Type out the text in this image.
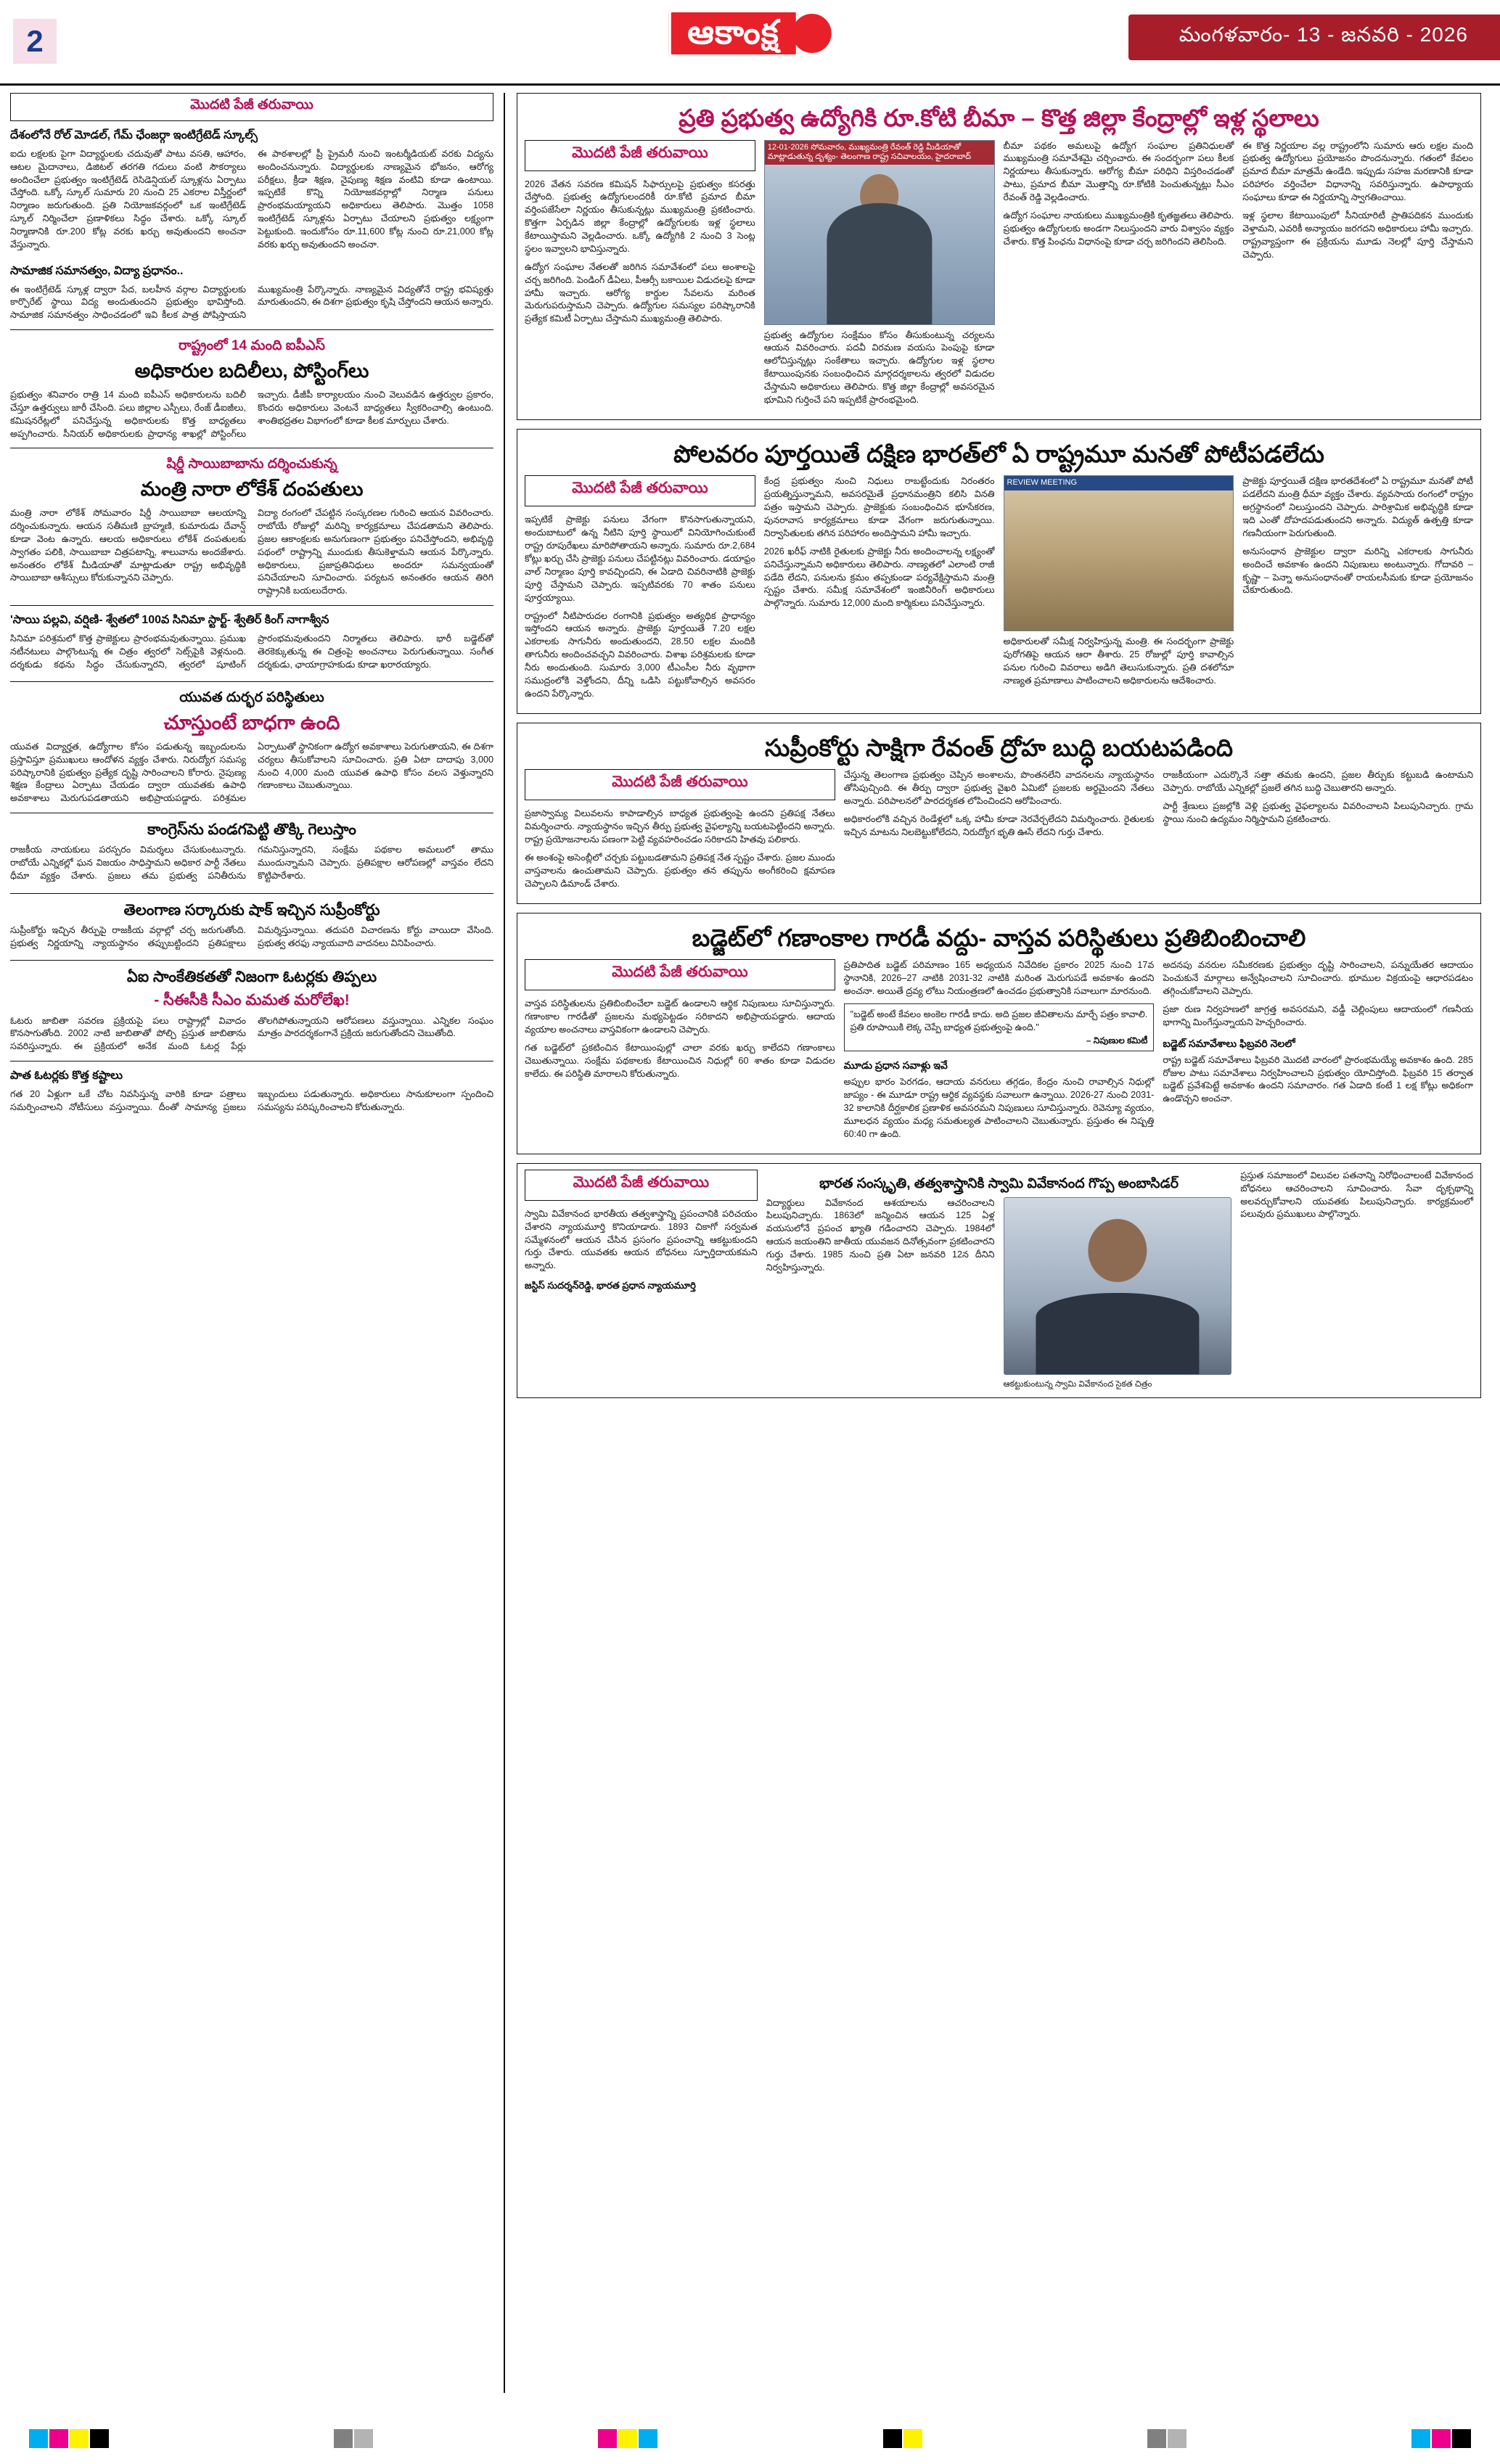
2	ఆకాంక్ష	మంగళవారం- 13 - జనవరి - 2026
మొదటి పేజీ తరువాయి
దేశంలోనే రోల్ మోడల్, గేమ్ ఛేంజర్గా ఇంటిగ్రేటెడ్ స్కూల్స్

ఐదు లక్షలకు పైగా విద్యార్థులకు చదువుతో పాటు వసతి, ఆహారం, ఆటల మైదానాలు, డిజిటల్ తరగతి గదులు వంటి సౌకర్యాలు అందించేలా ప్రభుత్వం ఇంటిగ్రేటెడ్ రెసిడెన్షియల్ స్కూళ్లను ఏర్పాటు చేస్తోంది. ఒక్కో స్కూల్ సుమారు 20 నుంచి 25 ఎకరాల విస్తీర్ణంలో నిర్మాణం జరుగుతుంది. ప్రతి నియోజకవర్గంలో ఒక ఇంటిగ్రేటెడ్ స్కూల్ నిర్మించేలా ప్రణాళికలు సిద్ధం చేశారు. ఒక్కో స్కూల్ నిర్మాణానికి రూ.200 కోట్ల వరకు ఖర్చు అవుతుందని అంచనా వేస్తున్నారు.

ఈ పాఠశాలల్లో ప్రీ ప్రైమరీ నుంచి ఇంటర్మీడియట్ వరకు విద్యను అందించనున్నారు. విద్యార్థులకు నాణ్యమైన భోజనం, ఆరోగ్య పరీక్షలు, క్రీడా శిక్షణ, నైపుణ్య శిక్షణ వంటివి కూడా ఉంటాయి. ఇప్పటికే కొన్ని నియోజకవర్గాల్లో నిర్మాణ పనులు ప్రారంభమయ్యాయని అధికారులు తెలిపారు. మొత్తం 1058 ఇంటిగ్రేటెడ్ స్కూళ్లను ఏర్పాటు చేయాలని ప్రభుత్వం లక్ష్యంగా పెట్టుకుంది. ఇందుకోసం రూ.11,600 కోట్ల నుంచి రూ.21,000 కోట్ల వరకు ఖర్చు అవుతుందని అంచనా.

సామాజిక సమానత్వం, విద్యా ప్రధానం..

ఈ ఇంటిగ్రేటెడ్ స్కూళ్ల ద్వారా పేద, బలహీన వర్గాల విద్యార్థులకు కార్పొరేట్ స్థాయి విద్య అందుతుందని ప్రభుత్వం భావిస్తోంది. సామాజిక సమానత్వం సాధించడంలో ఇవి కీలక పాత్ర పోషిస్తాయని ముఖ్యమంత్రి పేర్కొన్నారు. నాణ్యమైన విద్యతోనే రాష్ట్ర భవిష్యత్తు మారుతుందని, ఈ దిశగా ప్రభుత్వం కృషి చేస్తోందని ఆయన అన్నారు.

రాష్ట్రంలో 14 మంది ఐపీఎస్
అధికారుల బదిలీలు, పోస్టింగ్‌లు

ప్రభుత్వం శనివారం రాత్రి 14 మంది ఐపీఎస్ అధికారులను బదిలీ చేస్తూ ఉత్తర్వులు జారీ చేసింది. పలు జిల్లాల ఎస్పీలు, రేంజ్ డీఐజీలు, కమిషనరేట్లలో పనిచేస్తున్న అధికారులకు కొత్త బాధ్యతలు అప్పగించారు. సీనియర్ అధికారులకు ప్రాధాన్య శాఖల్లో పోస్టింగ్‌లు ఇచ్చారు. డీజీపీ కార్యాలయం నుంచి వెలువడిన ఉత్తర్వుల ప్రకారం, కొందరు అధికారులు వెంటనే బాధ్యతలు స్వీకరించాల్సి ఉంటుంది. శాంతిభద్రతల విభాగంలో కూడా కీలక మార్పులు చేశారు.

షిర్డీ సాయిబాబాను దర్శించుకున్న
మంత్రి నారా లోకేశ్ దంపతులు

మంత్రి నారా లోకేశ్ సోమవారం షిర్డీ సాయిబాబా ఆలయాన్ని దర్శించుకున్నారు. ఆయన సతీమణి బ్రాహ్మణి, కుమారుడు దేవాన్ష్ కూడా వెంట ఉన్నారు. ఆలయ అధికారులు లోకేశ్ దంపతులకు స్వాగతం పలికి, సాయిబాబా చిత్రపటాన్ని, శాలువాను అందజేశారు. అనంతరం లోకేశ్ మీడియాతో మాట్లాడుతూ రాష్ట్ర అభివృద్ధికి సాయిబాబా ఆశీస్సులు కోరుకున్నానని చెప్పారు.

విద్యా రంగంలో చేపట్టిన సంస్కరణల గురించి ఆయన వివరించారు. రాబోయే రోజుల్లో మరిన్ని కార్యక్రమాలు చేపడతామని తెలిపారు. ప్రజల ఆకాంక్షలకు అనుగుణంగా ప్రభుత్వం పనిచేస్తోందని, అభివృద్ధి పథంలో రాష్ట్రాన్ని ముందుకు తీసుకెళ్తామని ఆయన పేర్కొన్నారు. అధికారులు, ప్రజాప్రతినిధులు అందరూ సమన్వయంతో పనిచేయాలని సూచించారు. పర్యటన అనంతరం ఆయన తిరిగి రాష్ట్రానికి బయలుదేరారు.

'సాయి పల్లవి, వర్షిణి- శ్వేతలో 100వ సినిమా స్టార్ట్- శ్వేతిర్ కింగ్ నాగాశ్వీన

సినిమా పరిశ్రమలో కొత్త ప్రాజెక్టులు ప్రారంభమవుతున్నాయి. ప్రముఖ నటీనటులు పాల్గొంటున్న ఈ చిత్రం త్వరలో సెట్స్‌పైకి వెళ్లనుంది. దర్శకుడు కథను సిద్ధం చేసుకున్నారని, త్వరలో షూటింగ్ ప్రారంభమవుతుందని నిర్మాతలు తెలిపారు. భారీ బడ్జెట్‌తో తెరకెక్కుతున్న ఈ చిత్రంపై అంచనాలు పెరుగుతున్నాయి. సంగీత దర్శకుడు, ఛాయాగ్రాహకుడు కూడా ఖరారయ్యారు.

యువత దుర్భర పరిస్థితులు
చూస్తుంటే బాధగా ఉంది

యువత విద్యార్హత, ఉద్యోగాల కోసం పడుతున్న ఇబ్బందులను ప్రస్తావిస్తూ ప్రముఖులు ఆందోళన వ్యక్తం చేశారు. నిరుద్యోగ సమస్య పరిష్కారానికి ప్రభుత్వం ప్రత్యేక దృష్టి సారించాలని కోరారు. నైపుణ్య శిక్షణ కేంద్రాలు ఏర్పాటు చేయడం ద్వారా యువతకు ఉపాధి అవకాశాలు మెరుగుపడతాయని అభిప్రాయపడ్డారు. పరిశ్రమల ఏర్పాటుతో స్థానికంగా ఉద్యోగ అవకాశాలు పెరుగుతాయని, ఈ దిశగా చర్యలు తీసుకోవాలని సూచించారు. ప్రతి ఏటా దాదాపు 3,000 నుంచి 4,000 మంది యువత ఉపాధి కోసం వలస వెళ్తున్నారని గణాంకాలు చెబుతున్నాయి.

కాంగ్రెస్‌ను పండగపెట్టి తొక్కి గెలుస్తాం

రాజకీయ నాయకులు పరస్పరం విమర్శలు చేసుకుంటున్నారు. రాబోయే ఎన్నికల్లో ఘన విజయం సాధిస్తామని అధికార పార్టీ నేతలు ధీమా వ్యక్తం చేశారు. ప్రజలు తమ ప్రభుత్వ పనితీరును గమనిస్తున్నారని, సంక్షేమ పథకాల అమలులో తాము ముందున్నామని చెప్పారు. ప్రతిపక్షాల ఆరోపణల్లో వాస్తవం లేదని కొట్టిపారేశారు.

తెలంగాణ సర్కారుకు షాక్ ఇచ్చిన సుప్రీంకోర్టు

సుప్రీంకోర్టు ఇచ్చిన తీర్పుపై రాజకీయ వర్గాల్లో చర్చ జరుగుతోంది. ప్రభుత్వ నిర్ణయాన్ని న్యాయస్థానం తప్పుబట్టిందని ప్రతిపక్షాలు విమర్శిస్తున్నాయి. తదుపరి విచారణను కోర్టు వాయిదా వేసింది. ప్రభుత్వ తరఫు న్యాయవాది వాదనలు వినిపించారు.

ఏఐ సాంకేతికతతో నిజంగా ఓటర్లకు తిప్పలు
- సీఈసీకి సీఎం మమత మరోలేఖ!

ఓటరు జాబితా సవరణ ప్రక్రియపై పలు రాష్ట్రాల్లో వివాదం కొనసాగుతోంది. 2002 నాటి జాబితాతో పోల్చి ప్రస్తుత జాబితాను సవరిస్తున్నారు. ఈ ప్రక్రియలో అనేక మంది ఓటర్ల పేర్లు తొలగిపోతున్నాయని ఆరోపణలు వస్తున్నాయి. ఎన్నికల సంఘం మాత్రం పారదర్శకంగానే ప్రక్రియ జరుగుతోందని చెబుతోంది.

పాత ఓటర్లకు కొత్త కష్టాలు

గత 20 ఏళ్లుగా ఒకే చోట నివసిస్తున్న వారికి కూడా పత్రాలు సమర్పించాలని నోటీసులు వస్తున్నాయి. దీంతో సామాన్య ప్రజలు ఇబ్బందులు పడుతున్నారు. అధికారులు సానుకూలంగా స్పందించి సమస్యను పరిష్కరించాలని కోరుతున్నారు.

ప్రతి ప్రభుత్వ ఉద్యోగికి రూ.కోటి బీమా – కొత్త జిల్లా కేంద్రాల్లో ఇళ్ల స్థలాలు
మొదటి పేజీ తరువాయి

2026 వేతన సవరణ కమిషన్ సిఫార్సులపై ప్రభుత్వం కసరత్తు చేస్తోంది. ప్రభుత్వ ఉద్యోగులందరికీ రూ.కోటి ప్రమాద బీమా వర్తింపజేసేలా నిర్ణయం తీసుకున్నట్లు ముఖ్యమంత్రి ప్రకటించారు. కొత్తగా ఏర్పడిన జిల్లా కేంద్రాల్లో ఉద్యోగులకు ఇళ్ల స్థలాలు కేటాయిస్తామని వెల్లడించారు. ఒక్కో ఉద్యోగికి 2 నుంచి 3 సెంట్ల స్థలం ఇవ్వాలని భావిస్తున్నారు.

ఉద్యోగ సంఘాల నేతలతో జరిగిన సమావేశంలో పలు అంశాలపై చర్చ జరిగింది. పెండింగ్ డీఏలు, పీఆర్సీ బకాయిల విడుదలపై కూడా హామీ ఇచ్చారు. ఆరోగ్య కార్డుల సేవలను మరింత మెరుగుపరుస్తామని చెప్పారు. ఉద్యోగుల సమస్యల పరిష్కారానికి ప్రత్యేక కమిటీ ఏర్పాటు చేస్తామని ముఖ్యమంత్రి తెలిపారు.

12-01-2026 సోమవారం, ముఖ్యమంత్రి రేవంత్ రెడ్డి మీడియాతో మాట్లాడుతున్న దృశ్యం- తెలంగాణ రాష్ట్ర సచివాలయం, హైదరాబాద్

ప్రభుత్వ ఉద్యోగుల సంక్షేమం కోసం తీసుకుంటున్న చర్యలను ఆయన వివరించారు. పదవీ విరమణ వయసు పెంపుపై కూడా ఆలోచిస్తున్నట్లు సంకేతాలు ఇచ్చారు. ఉద్యోగుల ఇళ్ల స్థలాల కేటాయింపునకు సంబంధించిన మార్గదర్శకాలను త్వరలో విడుదల చేస్తామని అధికారులు తెలిపారు. కొత్త జిల్లా కేంద్రాల్లో అవసరమైన భూమిని గుర్తించే పని ఇప్పటికే ప్రారంభమైంది.

బీమా పథకం అమలుపై ఉద్యోగ సంఘాల ప్రతినిధులతో ముఖ్యమంత్రి సమావేశమై చర్చించారు. ఈ సందర్భంగా పలు కీలక నిర్ణయాలు తీసుకున్నారు. ఆరోగ్య బీమా పరిధిని విస్తరించడంతో పాటు, ప్రమాద బీమా మొత్తాన్ని రూ.కోటికి పెంచుతున్నట్లు సీఎం రేవంత్ రెడ్డి వెల్లడించారు.

ఉద్యోగ సంఘాల నాయకులు ముఖ్యమంత్రికి కృతజ్ఞతలు తెలిపారు. ప్రభుత్వం ఉద్యోగులకు అండగా నిలుస్తుందని వారు విశ్వాసం వ్యక్తం చేశారు. కొత్త పింఛను విధానంపై కూడా చర్చ జరిగిందని తెలిసింది.

ఈ కొత్త నిర్ణయాల వల్ల రాష్ట్రంలోని సుమారు ఆరు లక్షల మంది ప్రభుత్వ ఉద్యోగులు ప్రయోజనం పొందనున్నారు. గతంలో కేవలం ప్రమాద బీమా మాత్రమే ఉండేది. ఇప్పుడు సహజ మరణానికి కూడా పరిహారం వర్తించేలా విధానాన్ని సవరిస్తున్నారు. ఉపాధ్యాయ సంఘాలు కూడా ఈ నిర్ణయాన్ని స్వాగతించాయి.

ఇళ్ల స్థలాల కేటాయింపులో సీనియారిటీ ప్రాతిపదికన ముందుకు వెళ్తామని, ఎవరికీ అన్యాయం జరగదని అధికారులు హామీ ఇచ్చారు. రాష్ట్రవ్యాప్తంగా ఈ ప్రక్రియను మూడు నెలల్లో పూర్తి చేస్తామని చెప్పారు.

పోలవరం పూర్తయితే దక్షిణ భారత్‌లో ఏ రాష్ట్రమూ మనతో పోటీపడలేదు
మొదటి పేజీ తరువాయి

ఇప్పటికే ప్రాజెక్టు పనులు వేగంగా కొనసాగుతున్నాయని, అందుబాటులో ఉన్న నీటిని పూర్తి స్థాయిలో వినియోగించుకుంటే రాష్ట్ర రూపురేఖలు మారిపోతాయని అన్నారు. సుమారు రూ.2,684 కోట్లు ఖర్చు చేసి ప్రాజెక్టు పనులు చేపట్టినట్లు వివరించారు. డయాఫ్రం వాల్ నిర్మాణం పూర్తి కావచ్చిందని, ఈ ఏడాది చివరినాటికి ప్రాజెక్టు పూర్తి చేస్తామని చెప్పారు. ఇప్పటివరకు 70 శాతం పనులు పూర్తయ్యాయి.

రాష్ట్రంలో నీటిపారుదల రంగానికి ప్రభుత్వం అత్యధిక ప్రాధాన్యం ఇస్తోందని ఆయన అన్నారు. ప్రాజెక్టు పూర్తయితే 7.20 లక్షల ఎకరాలకు సాగునీరు అందుతుందని, 28.50 లక్షల మందికి తాగునీరు అందించవచ్చని వివరించారు. విశాఖ పరిశ్రమలకు కూడా నీరు అందుతుంది. సుమారు 3,000 టీఎంసీల నీరు వృథాగా సముద్రంలోకి వెళ్తోందని, దీన్ని ఒడిసి పట్టుకోవాల్సిన అవసరం ఉందని పేర్కొన్నారు.

కేంద్ర ప్రభుత్వం నుంచి నిధులు రాబట్టేందుకు నిరంతరం ప్రయత్నిస్తున్నామని, అవసరమైతే ప్రధానమంత్రిని కలిసి వినతి పత్రం ఇస్తామని చెప్పారు. ప్రాజెక్టుకు సంబంధించిన భూసేకరణ, పునరావాస కార్యక్రమాలు కూడా వేగంగా జరుగుతున్నాయి. నిర్వాసితులకు తగిన పరిహారం అందిస్తామని హామీ ఇచ్చారు.

2026 ఖరీఫ్ నాటికి రైతులకు ప్రాజెక్టు నీరు అందించాలన్న లక్ష్యంతో పనిచేస్తున్నామని అధికారులు తెలిపారు. నాణ్యతలో ఎలాంటి రాజీ పడేది లేదని, పనులను క్రమం తప్పకుండా పర్యవేక్షిస్తామని మంత్రి స్పష్టం చేశారు. సమీక్ష సమావేశంలో ఇంజినీరింగ్ అధికారులు పాల్గొన్నారు. సుమారు 12,000 మంది కార్మికులు పనిచేస్తున్నారు.

REVIEW MEETING

అధికారులతో సమీక్ష నిర్వహిస్తున్న మంత్రి. ఈ సందర్భంగా ప్రాజెక్టు పురోగతిపై ఆయన ఆరా తీశారు. 25 రోజుల్లో పూర్తి కావాల్సిన పనుల గురించి వివరాలు అడిగి తెలుసుకున్నారు. ప్రతి దశలోనూ నాణ్యత ప్రమాణాలు పాటించాలని అధికారులను ఆదేశించారు.

ప్రాజెక్టు పూర్తయితే దక్షిణ భారతదేశంలో ఏ రాష్ట్రమూ మనతో పోటీ పడలేదని మంత్రి ధీమా వ్యక్తం చేశారు. వ్యవసాయ రంగంలో రాష్ట్రం అగ్రస్థానంలో నిలుస్తుందని చెప్పారు. పారిశ్రామిక అభివృద్ధికి కూడా ఇది ఎంతో దోహదపడుతుందని అన్నారు. విద్యుత్ ఉత్పత్తి కూడా గణనీయంగా పెరుగుతుంది.

అనుసంధాన ప్రాజెక్టుల ద్వారా మరిన్ని ఎకరాలకు సాగునీరు అందించే అవకాశం ఉందని నిపుణులు అంటున్నారు. గోదావరి – కృష్ణా – పెన్నా అనుసంధానంతో రాయలసీమకు కూడా ప్రయోజనం చేకూరుతుంది.

సుప్రీంకోర్టు సాక్షిగా రేవంత్ ద్రోహ బుద్ధి బయటపడింది
మొదటి పేజీ తరువాయి

ప్రజాస్వామ్య విలువలను కాపాడాల్సిన బాధ్యత ప్రభుత్వంపై ఉందని ప్రతిపక్ష నేతలు విమర్శించారు. న్యాయస్థానం ఇచ్చిన తీర్పు ప్రభుత్వ వైఫల్యాన్ని బయటపెట్టిందని అన్నారు. రాష్ట్ర ప్రయోజనాలను పణంగా పెట్టి వ్యవహరించడం సరికాదని హితవు పలికారు.

ఈ అంశంపై అసెంబ్లీలో చర్చకు పట్టుబడతామని ప్రతిపక్ష నేత స్పష్టం చేశారు. ప్రజల ముందు వాస్తవాలను ఉంచుతామని చెప్పారు. ప్రభుత్వం తన తప్పును అంగీకరించి క్షమాపణ చెప్పాలని డిమాండ్ చేశారు.

చేస్తున్న తెలంగాణ ప్రభుత్వం చెప్పిన అంశాలను, పొంతనలేని వాదనలను న్యాయస్థానం తోసిపుచ్చింది. ఈ తీర్పు ద్వారా ప్రభుత్వ వైఖరి ఏమిటో ప్రజలకు అర్థమైందని నేతలు అన్నారు. పరిపాలనలో పారదర్శకత లోపించిందని ఆరోపించారు.

అధికారంలోకి వచ్చిన రెండేళ్లలో ఒక్క హామీ కూడా నెరవేర్చలేదని విమర్శించారు. రైతులకు ఇచ్చిన మాటను నిలబెట్టుకోలేదని, నిరుద్యోగ భృతి ఊసే లేదని గుర్తు చేశారు.

రాజకీయంగా ఎదుర్కొనే సత్తా తమకు ఉందని, ప్రజల తీర్పుకు కట్టుబడి ఉంటామని చెప్పారు. రాబోయే ఎన్నికల్లో ప్రజలే తగిన బుద్ధి చెబుతారని అన్నారు.

పార్టీ శ్రేణులు ప్రజల్లోకి వెళ్లి ప్రభుత్వ వైఫల్యాలను వివరించాలని పిలుపునిచ్చారు. గ్రామ స్థాయి నుంచి ఉద్యమం నిర్మిస్తామని ప్రకటించారు.

బడ్జెట్‌లో గణాంకాల గారడీ వద్దు- వాస్తవ పరిస్థితులు ప్రతిబింబించాలి
మొదటి పేజీ తరువాయి

వాస్తవ పరిస్థితులను ప్రతిబింబించేలా బడ్జెట్ ఉండాలని ఆర్థిక నిపుణులు సూచిస్తున్నారు. గణాంకాల గారడీతో ప్రజలను మభ్యపెట్టడం సరికాదని అభిప్రాయపడ్డారు. ఆదాయ వ్యయాల అంచనాలు వాస్తవికంగా ఉండాలని చెప్పారు.

గత బడ్జెట్‌లో ప్రకటించిన కేటాయింపుల్లో చాలా వరకు ఖర్చు కాలేదని గణాంకాలు చెబుతున్నాయి. సంక్షేమ పథకాలకు కేటాయించిన నిధుల్లో 60 శాతం కూడా విడుదల కాలేదు. ఈ పరిస్థితి మారాలని కోరుతున్నారు.

ప్రతిపాదిత బడ్జెట్ పరిమాణం 165 అధ్యయన నివేదికల ప్రకారం 2025 నుంచి 17వ స్థానానికి, 2026–27 నాటికి 2031-32 నాటికి మరింత మెరుగుపడే అవకాశం ఉందని అంచనా. అయితే ద్రవ్య లోటు నియంత్రణలో ఉంచడం ప్రభుత్వానికి సవాలుగా మారనుంది.

"బడ్జెట్ అంటే కేవలం అంకెల గారడీ కాదు. అది ప్రజల జీవితాలను మార్చే పత్రం కావాలి. ప్రతి రూపాయికి లెక్క చెప్పే బాధ్యత ప్రభుత్వంపై ఉంది."
– నిపుణుల కమిటీ
మూడు ప్రధాన సవాళ్లు ఇవే

అప్పుల భారం పెరగడం, ఆదాయ వనరులు తగ్గడం, కేంద్రం నుంచి రావాల్సిన నిధుల్లో జాప్యం - ఈ మూడూ రాష్ట్ర ఆర్థిక వ్యవస్థకు సవాలుగా ఉన్నాయి. 2026-27 నుంచి 2031-32 కాలానికి దీర్ఘకాలిక ప్రణాళిక అవసరమని నిపుణులు సూచిస్తున్నారు. రెవెన్యూ వ్యయం, మూలధన వ్యయం మధ్య సమతుల్యత పాటించాలని చెబుతున్నారు. ప్రస్తుతం ఈ నిష్పత్తి 60:40 గా ఉంది.

అదనపు వనరుల సమీకరణకు ప్రభుత్వం దృష్టి సారించాలని, పన్నుయేతర ఆదాయం పెంచుకునే మార్గాలు అన్వేషించాలని సూచించారు. భూముల విక్రయంపై ఆధారపడటం తగ్గించుకోవాలని చెప్పారు.

ప్రజా రుణ నిర్వహణలో జాగ్రత్త అవసరమని, వడ్డీ చెల్లింపులు ఆదాయంలో గణనీయ భాగాన్ని మింగేస్తున్నాయని హెచ్చరించారు.

బడ్జెట్ సమావేశాలు ఫిబ్రవరి నెలలో

రాష్ట్ర బడ్జెట్ సమావేశాలు ఫిబ్రవరి మొదటి వారంలో ప్రారంభమయ్యే అవకాశం ఉంది. 285 రోజుల పాటు సమావేశాలు నిర్వహించాలని ప్రభుత్వం యోచిస్తోంది. ఫిబ్రవరి 15 తర్వాత బడ్జెట్ ప్రవేశపెట్టే అవకాశం ఉందని సమాచారం. గత ఏడాది కంటే 1 లక్ష కోట్లు అధికంగా ఉండొచ్చని అంచనా.

మొదటి పేజీ తరువాయి

స్వామి వివేకానంద భారతీయ తత్వశాస్త్రాన్ని ప్రపంచానికి పరిచయం చేశారని న్యాయమూర్తి కొనియాడారు. 1893 చికాగో సర్వమత సమ్మేళనంలో ఆయన చేసిన ప్రసంగం ప్రపంచాన్ని ఆకట్టుకుందని గుర్తు చేశారు. యువతకు ఆయన బోధనలు స్ఫూర్తిదాయకమని అన్నారు.

జస్టిస్ సుదర్శన్‌రెడ్డి, భారత ప్రధాన న్యాయమూర్తి
భారత సంస్కృతి, తత్వశాస్త్రానికి స్వామి వివేకానంద గొప్ప అంబాసిడర్

విద్యార్థులు వివేకానంద ఆశయాలను ఆచరించాలని పిలుపునిచ్చారు. 1863లో జన్మించిన ఆయన 125 ఏళ్ల వయసులోనే ప్రపంచ ఖ్యాతి గడించారని చెప్పారు. 1984లో ఆయన జయంతిని జాతీయ యువజన దినోత్సవంగా ప్రకటించారని గుర్తు చేశారు. 1985 నుంచి ప్రతి ఏటా జనవరి 12న దీనిని నిర్వహిస్తున్నారు.

ఆకట్టుకుంటున్న స్వామి వివేకానంద సైకత చిత్రం

ప్రస్తుత సమాజంలో విలువల పతనాన్ని నిరోధించాలంటే వివేకానంద బోధనలు ఆచరించాలని సూచించారు. సేవా దృక్పథాన్ని అలవర్చుకోవాలని యువతకు పిలుపునిచ్చారు. కార్యక్రమంలో పలువురు ప్రముఖులు పాల్గొన్నారు.
